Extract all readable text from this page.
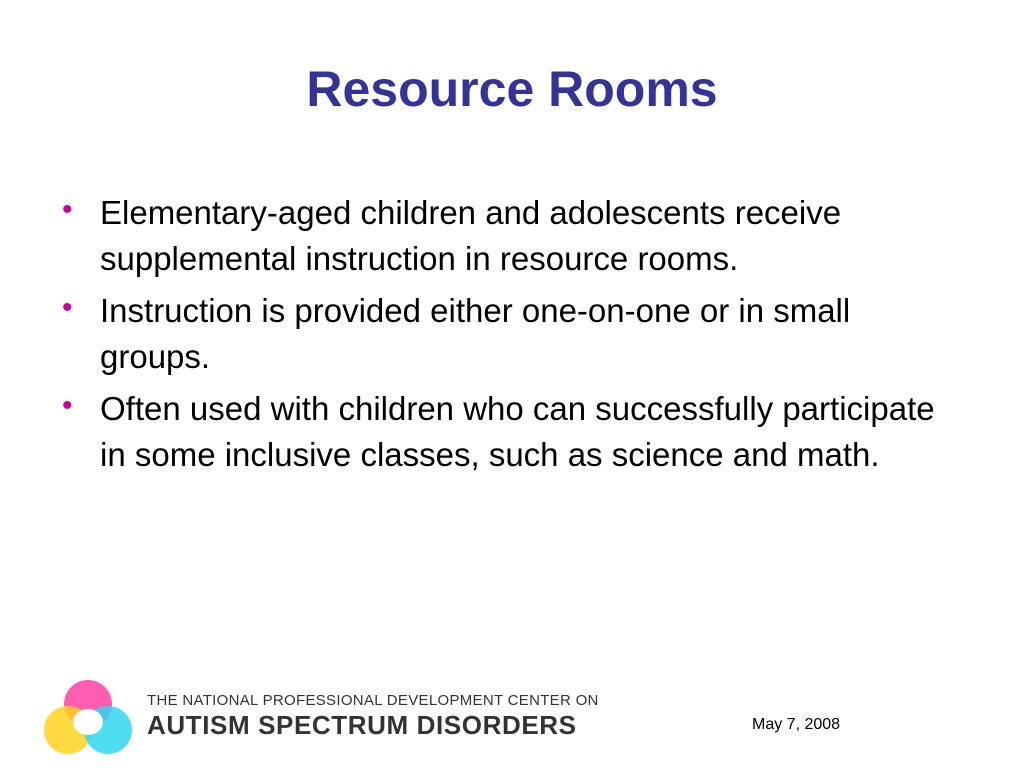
Resource Rooms
• Elementary-aged children and adolescents receive supplemental instruction in resource rooms.
• Instruction is provided either one-on-one or in small groups.
• Often used with children who can successfully participate in some inclusive classes, such as science and math.
THE NATIONAL PROFESSIONAL DEVELOPMENT CENTER ON
AUTISM SPECTRUM DISORDERS	May 7, 2008
